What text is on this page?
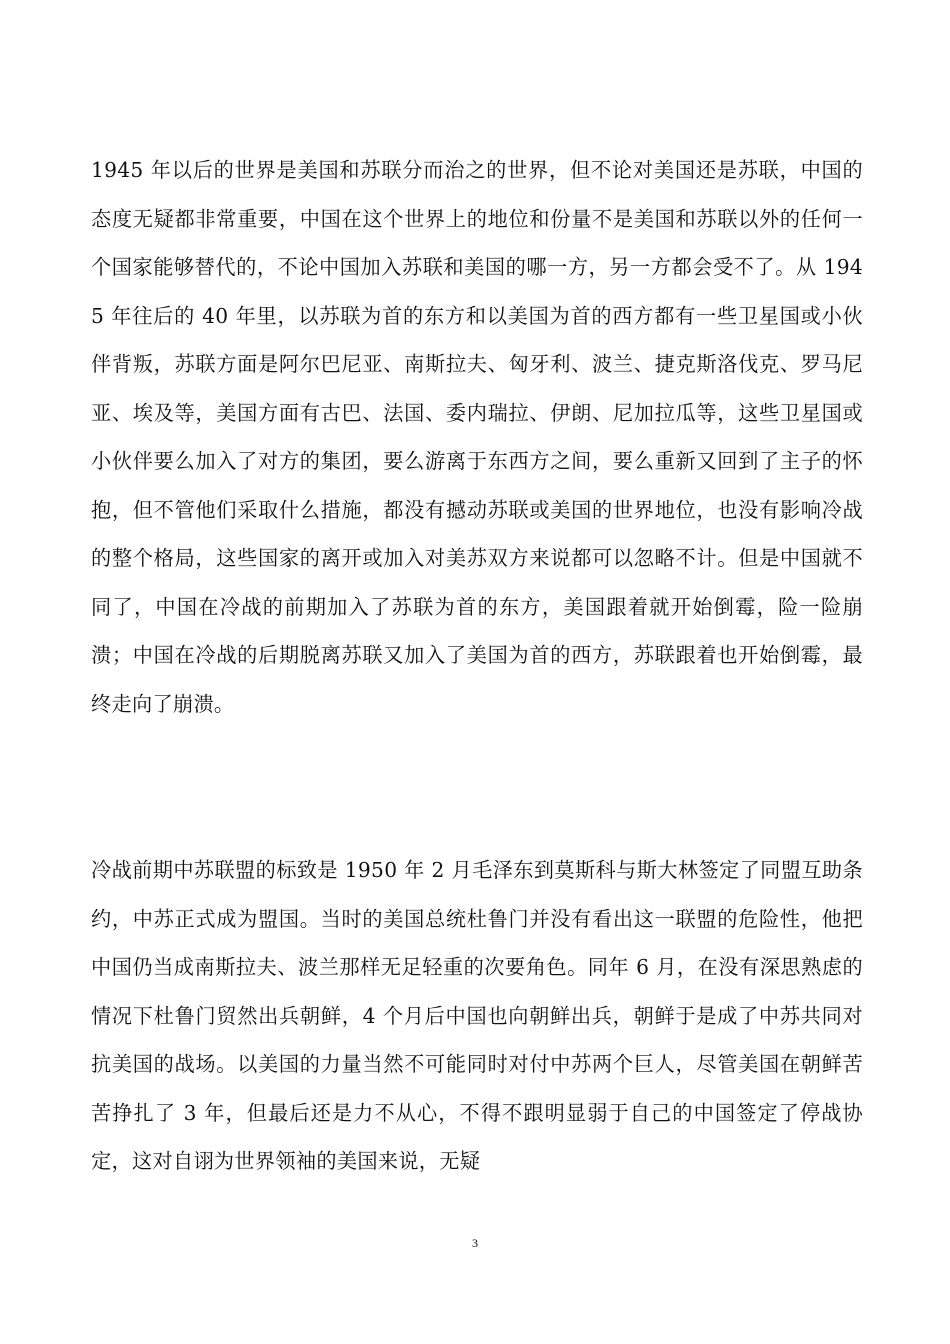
1945 年以后的世界是美国和苏联分而治之的世界，但不论对美国还是苏联，中国的态度无疑都非常重要，中国在这个世界上的地位和份量不是美国和苏联以外的任何一个国家能够替代的，不论中国加入苏联和美国的哪一方，另一方都会受不了。从 1945 年往后的 40 年里，以苏联为首的东方和以美国为首的西方都有一些卫星国或小伙伴背叛，苏联方面是阿尔巴尼亚、南斯拉夫、匈牙利、波兰、捷克斯洛伐克、罗马尼亚、埃及等，美国方面有古巴、法国、委内瑞拉、伊朗、尼加拉瓜等，这些卫星国或小伙伴要么加入了对方的集团，要么游离于东西方之间，要么重新又回到了主子的怀抱，但不管他们采取什么措施，都没有撼动苏联或美国的世界地位，也没有影响冷战的整个格局，这些国家的离开或加入对美苏双方来说都可以忽略不计。但是中国就不同了，中国在冷战的前期加入了苏联为首的东方，美国跟着就开始倒霉，险一险崩溃；中国在冷战的后期脱离苏联又加入了美国为首的西方，苏联跟着也开始倒霉，最终走向了崩溃。

冷战前期中苏联盟的标致是 1950 年 2 月毛泽东到莫斯科与斯大林签定了同盟互助条约，中苏正式成为盟国。当时的美国总统杜鲁门并没有看出这一联盟的危险性，他把中国仍当成南斯拉夫、波兰那样无足轻重的次要角色。同年 6 月，在没有深思熟虑的情况下杜鲁门贸然出兵朝鲜，4 个月后中国也向朝鲜出兵，朝鲜于是成了中苏共同对抗美国的战场。以美国的力量当然不可能同时对付中苏两个巨人，尽管美国在朝鲜苦苦挣扎了 3 年，但最后还是力不从心，不得不跟明显弱于自己的中国签定了停战协定，这对自诩为世界领袖的美国来说，无疑

3
